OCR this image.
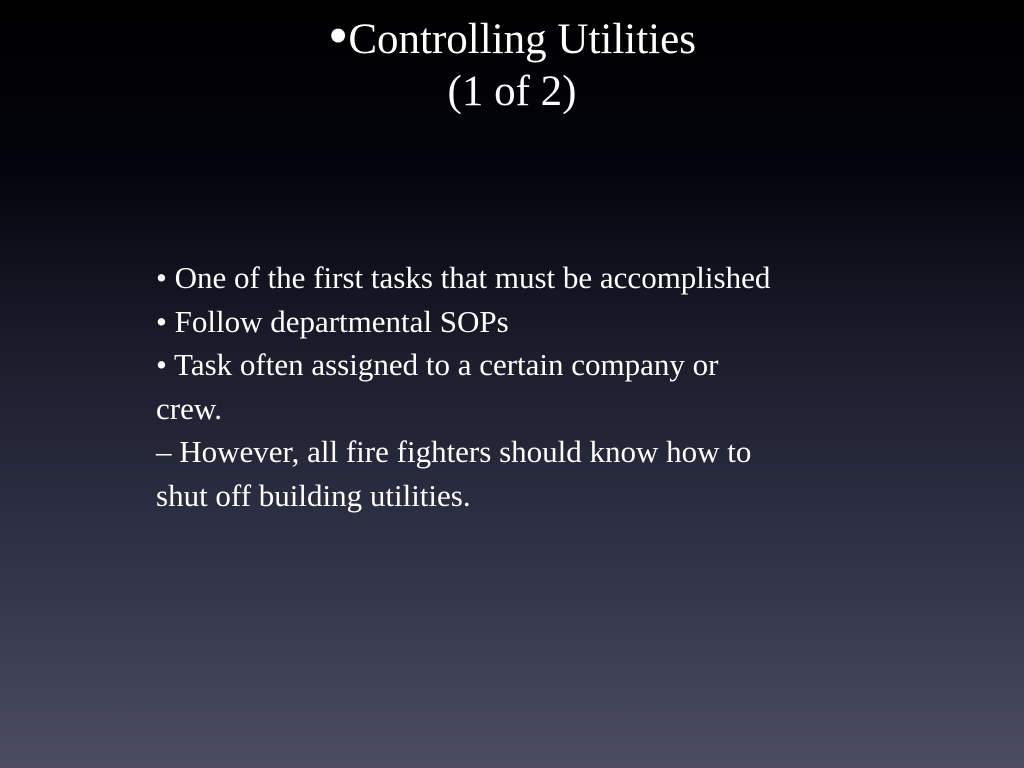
•Controlling Utilities
(1 of 2)
• One of the first tasks that must be accomplished
• Follow departmental SOPs
• Task often assigned to a certain company or
crew.
– However, all fire fighters should know how to
shut off building utilities.
